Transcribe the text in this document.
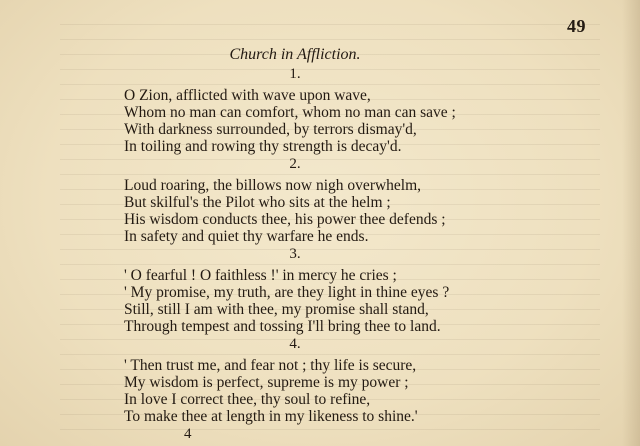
49
Church in Affliction.
1.
O Zion, afflicted with wave upon wave,
Whom no man can comfort, whom no man can save ;
With darkness surrounded, by terrors dismay'd,
In toiling and rowing thy strength is decay'd.
2.
Loud roaring, the billows now nigh overwhelm,
But skilful's the Pilot who sits at the helm ;
His wisdom conducts thee, his power thee defends ;
In safety and quiet thy warfare he ends.
3.
' O fearful ! O faithless !' in mercy he cries ;
' My promise, my truth, are they light in thine eyes ?
Still, still I am with thee, my promise shall stand,
Through tempest and tossing I'll bring thee to land.
4.
' Then trust me, and fear not ; thy life is secure,
My wisdom is perfect, supreme is my power ;
In love I correct thee, thy soul to refine,
To make thee at length in my likeness to shine.'
4
